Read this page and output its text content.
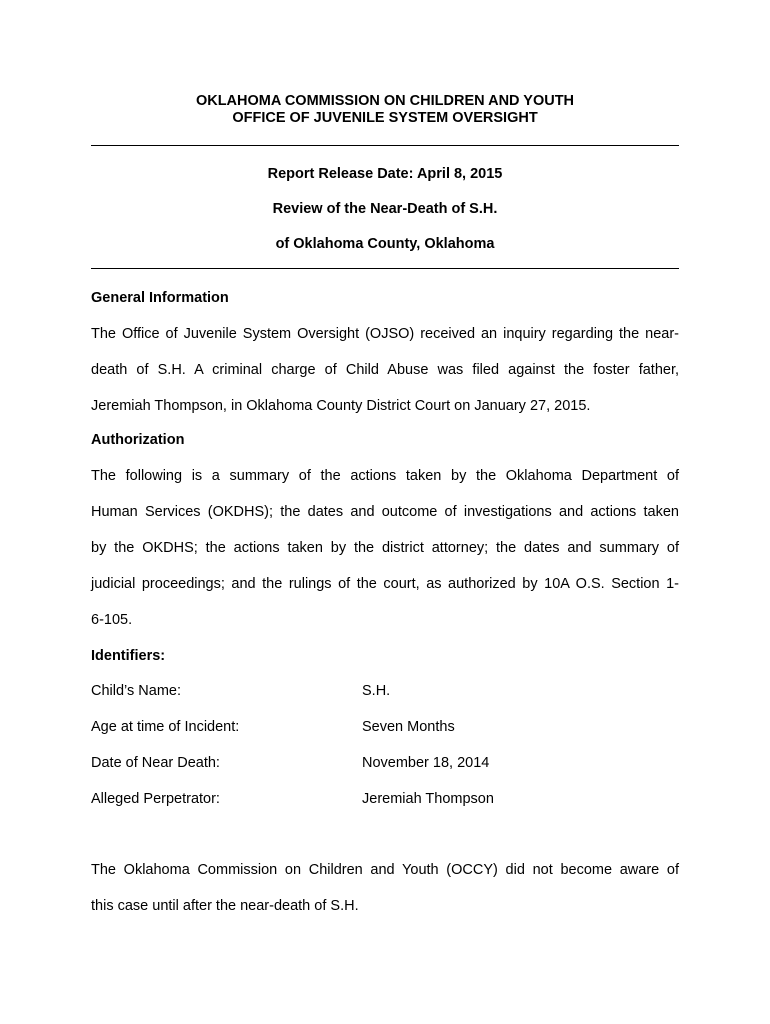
OKLAHOMA COMMISSION ON CHILDREN AND YOUTH
OFFICE OF JUVENILE SYSTEM OVERSIGHT
Report Release Date: April 8, 2015
Review of the Near-Death of S.H.
of Oklahoma County, Oklahoma
General Information
The Office of Juvenile System Oversight (OJSO) received an inquiry regarding the near-
death of S.H. A criminal charge of Child Abuse was filed against the foster father,
Jeremiah Thompson, in Oklahoma County District Court on January 27, 2015.
Authorization
The following is a summary of the actions taken by the Oklahoma Department of
Human Services (OKDHS); the dates and outcome of investigations and actions taken
by the OKDHS; the actions taken by the district attorney; the dates and summary of
judicial proceedings; and the rulings of the court, as authorized by 10A O.S. Section 1-
6-105.
Identifiers:
Child’s Name:	S.H.
Age at time of Incident:	Seven Months
Date of Near Death:	November 18, 2014
Alleged Perpetrator:	Jeremiah Thompson
The Oklahoma Commission on Children and Youth (OCCY) did not become aware of
this case until after the near-death of S.H.
